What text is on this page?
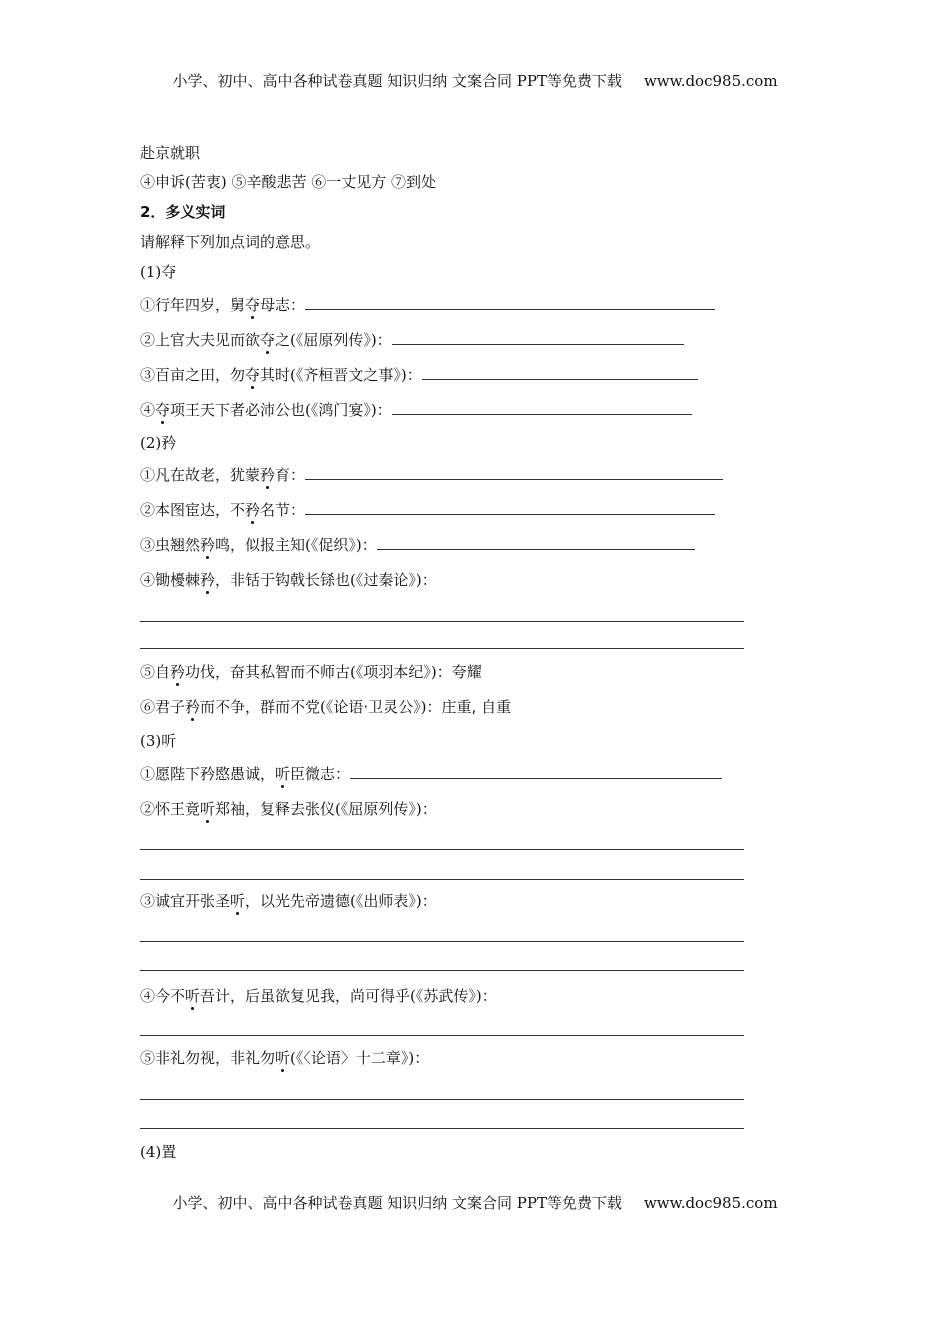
小学、初中、高中各种试卷真题 知识归纳 文案合同 PPT等免费下载 www.doc985.com
赴京就职
④申诉(苦衷) ⑤辛酸悲苦 ⑥一丈见方 ⑦到处
2．多义实词
请解释下列加点词的意思。
(1)夺
①行年四岁，舅夺母志：
②上官大夫见而欲夺之(《屈原列传》)：
③百亩之田，勿夺其时(《齐桓晋文之事》)：
④夺项王天下者必沛公也(《鸿门宴》)：
(2)矜
①凡在故老，犹蒙矜育：
②本图宦达，不矜名节：
③虫翘然矜鸣，似报主知(《促织》)：
④锄櫌棘矜，非铦于钩戟长铩也(《过秦论》)：
⑤自矜功伐，奋其私智而不师古(《项羽本纪》)：夸耀
⑥君子矜而不争，群而不党(《论语·卫灵公》)：庄重, 自重
(3)听
①愿陛下矜愍愚诚，听臣微志：
②怀王竟听郑袖，复释去张仪(《屈原列传》)：
③诚宜开张圣听，以光先帝遗德(《出师表》)：
④今不听吾计，后虽欲复见我，尚可得乎(《苏武传》)：
⑤非礼勿视，非礼勿听(《〈论语〉十二章》)：
(4)置
小学、初中、高中各种试卷真题 知识归纳 文案合同 PPT等免费下载 www.doc985.com
